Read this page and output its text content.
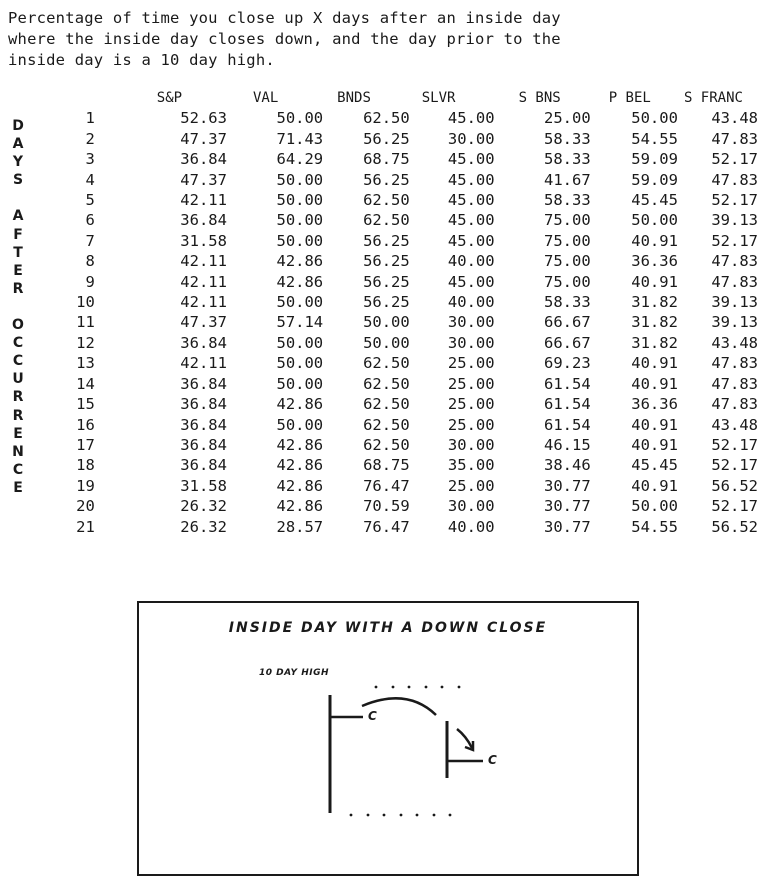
Percentage of time you close up X days after an inside day
where the inside day closes down, and the day prior to the
inside day is a 10 day high.
D
A
Y
S
A
F
T
E
R
O
C
C
U
R
R
E
N
C
E
	S&P	VAL	BNDS	SLVR	S BNS	P BEL	S FRANC
1	52.63	50.00	62.50	45.00	25.00	50.00	43.48
2	47.37	71.43	56.25	30.00	58.33	54.55	47.83
3	36.84	64.29	68.75	45.00	58.33	59.09	52.17
4	47.37	50.00	56.25	45.00	41.67	59.09	47.83
5	42.11	50.00	62.50	45.00	58.33	45.45	52.17
6	36.84	50.00	62.50	45.00	75.00	50.00	39.13
7	31.58	50.00	56.25	45.00	75.00	40.91	52.17
8	42.11	42.86	56.25	40.00	75.00	36.36	47.83
9	42.11	42.86	56.25	45.00	75.00	40.91	47.83
10	42.11	50.00	56.25	40.00	58.33	31.82	39.13
11	47.37	57.14	50.00	30.00	66.67	31.82	39.13
12	36.84	50.00	50.00	30.00	66.67	31.82	43.48
13	42.11	50.00	62.50	25.00	69.23	40.91	47.83
14	36.84	50.00	62.50	25.00	61.54	40.91	47.83
15	36.84	42.86	62.50	25.00	61.54	36.36	47.83
16	36.84	50.00	62.50	25.00	61.54	40.91	43.48
17	36.84	42.86	62.50	30.00	46.15	40.91	52.17
18	36.84	42.86	68.75	35.00	38.46	45.45	52.17
19	31.58	42.86	76.47	25.00	30.77	40.91	56.52
20	26.32	42.86	70.59	30.00	30.77	50.00	52.17
21	26.32	28.57	76.47	40.00	30.77	54.55	56.52
INSIDE DAY WITH A DOWN CLOSE
10 DAY HIGH
C
C
